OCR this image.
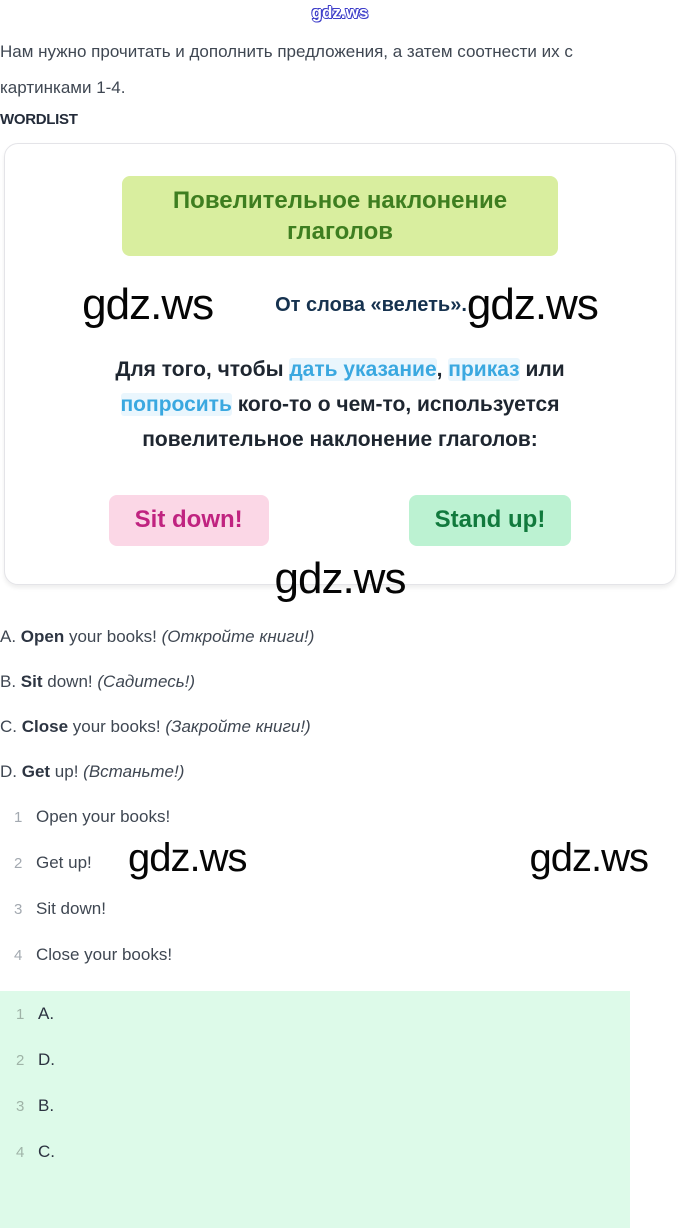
gdz.ws

Нам нужно прочитать и дополнить предложения, а затем соотнести их с картинками 1-4.

WORDLIST
Повелительное наклонение глаголов
gdz.ws	От слова «велеть». gdz.ws

Для того, чтобы дать указание, приказ или попросить кого-то о чем-то, используется повелительное наклонение глаголов:

Sit down!	Stand up!
gdz.ws
A. Open your books! (Откройте книги!)
B. Sit down! (Садитесь!)
C. Close your books! (Закройте книги!)
D. Get up! (Встаньте!)
1 Open your books!
2 Get up! gdz.ws	gdz.ws
3 Sit down!
4 Close your books!
1 A.
2 D.
3 B.
4 C.
